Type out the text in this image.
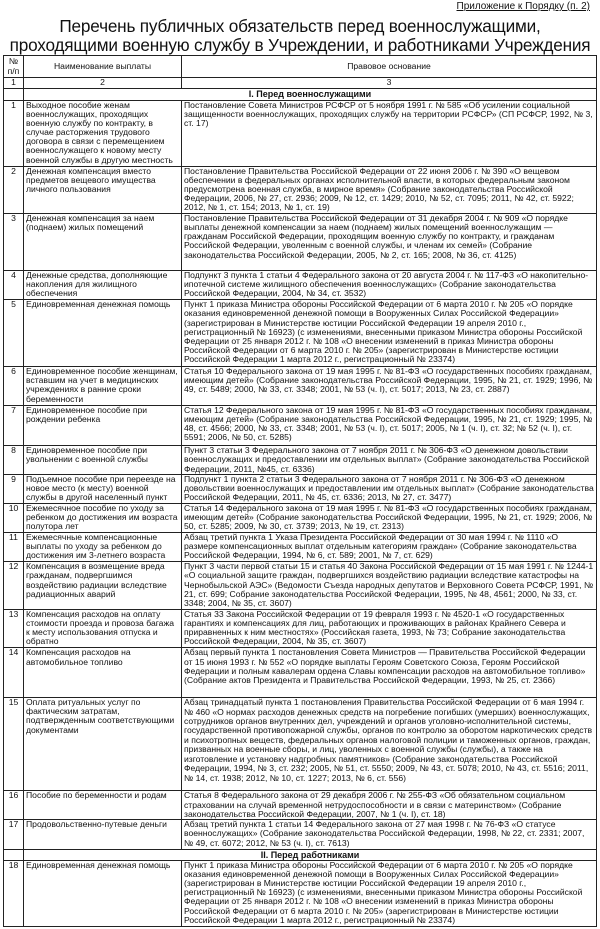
Приложение к Порядку (п. 2)
Перечень публичных обязательств перед военнослужащими,
проходящими военную службу в Учреждении, и работниками Учреждения
№ п/п	Наименование выплаты	Правовое основание
1	2	3
	I. Перед военнослужащими	
1	Выходное пособие женам военнослужащих, проходящих военную службу по контракту, в случае расторжения трудового договора в связи с перемещением военнослужащего к новому месту военной службы в другую местность	Постановление Совета Министров РСФСР от 5 ноября 1991 г. № 585 «Об усилении социальной защищенности военнослужащих, проходящих службу на территории РСФСР» (СП РСФСР, 1992, № 3, ст. 17)
2	Денежная компенсация вместо предметов вещевого имущества личного пользования	Постановление Правительства Российской Федерации от 22 июня 2006 г. № 390 «О вещевом обеспечении в федеральных органах исполнительной власти, в которых федеральным законом предусмотрена военная служба, в мирное время» (Собрание законодательства Российской Федерации, 2006, № 27, ст. 2936; 2009, № 12, ст. 1429; 2010, № 52, ст. 7095; 2011, № 42, ст. 5922; 2012, № 1, ст. 154; 2013, № 1, ст. 19)
3	Денежная компенсация за наем (поднаем) жилых помещений	Постановление Правительства Российской Федерации от 31 декабря 2004 г. № 909 «О порядке выплаты денежной компенсации за наем (поднаем) жилых помещений военнослужащим — гражданам Российской Федерации, проходящим военную службу по контракту, и гражданам Российской Федерации, уволенным с военной службы, и членам их семей» (Собрание законодательства Российской Федерации, 2005, № 2, ст. 165; 2008, № 36, ст. 4125)
4	Денежные средства, дополняющие накопления для жилищного обеспечения	Подпункт 3 пункта 1 статьи 4 Федерального закона от 20 августа 2004 г. № 117-ФЗ «О накопительно-ипотечной системе жилищного обеспечения военнослужащих» (Собрание законодательства Российской Федерации, 2004, № 34, ст. 3532)
5	Единовременная денежная помощь	Пункт 1 приказа Министра обороны Российской Федерации от 6 марта 2010 г. № 205 «О порядке оказания единовременной денежной помощи в Вооруженных Силах Российской Федерации» (зарегистрирован в Министерстве юстиции Российской Федерации 19 апреля 2010 г., регистрационный № 16923) (с изменениями, внесенными приказом Министра обороны Российской Федерации от 25 января 2012 г. № 108 «О внесении изменений в приказ Министра обороны Российской Федерации от 6 марта 2010 г. № 205» (зарегистрирован в Министерстве юстиции Российской Федерации 1 марта 2012 г., регистрационный № 23374)
6	Единовременное пособие женщинам, вставшим на учет в медицинских учреждениях в ранние сроки беременности	Статья 10 Федерального закона от 19 мая 1995 г. № 81-ФЗ «О государственных пособиях гражданам, имеющим детей» (Собрание законодательства Российской Федерации, 1995, № 21, ст. 1929; 1996, № 49, ст. 5489; 2000, № 33, ст. 3348; 2001, № 53 (ч. I), ст. 5017; 2013, № 23, ст. 2887)
7	Единовременное пособие при рождении ребенка	Статья 12 Федерального закона от 19 мая 1995 г. № 81-ФЗ «О государственных пособиях гражданам, имеющим детей» (Собрание законодательства Российской Федерации, 1995, № 21, ст. 1929; 1995, № 48, ст. 4566; 2000, № 33, ст. 3348; 2001, № 53 (ч. I), ст. 5017; 2005, № 1 (ч. I), ст. 32; № 52 (ч. I), ст. 5591; 2006, № 50, ст. 5285)
8	Единовременное пособие при увольнении с военной службы	Пункт 3 статьи 3 Федерального закона от 7 ноября 2011 г. № 306-ФЗ «О денежном довольствии военнослужащих и предоставлении им отдельных выплат» (Собрание законодательства Российской Федерации, 2011, №45, ст. 6336)
9	Подъемное пособие при переезде на новое место (к месту) военной службы в другой населенный пункт	Подпункт 1 пункта 2 статьи 3 Федерального закона от 7 ноября 2011 г. № 306-ФЗ «О денежном довольствии военнослужащих и предоставлении им отдельных выплат» (Собрание законодательства Российской Федерации, 2011, № 45, ст. 6336; 2013, № 27, ст. 3477)
10	Ежемесячное пособие по уходу за ребенком до достижения им возраста полутора лет	Статья 14 Федерального закона от 19 мая 1995 г. № 81-ФЗ «О государственных пособиях гражданам, имеющим детей» (Собрание законодательства Российской Федерации, 1995, № 21, ст. 1929; 2006, № 50, ст. 5285; 2009, № 30, ст. 3739; 2013, № 19, ст. 2313)
11	Ежемесячные компенсационные выплаты по уходу за ребенком до достижения им 3-летнего возраста	Абзац третий пункта 1 Указа Президента Российской Федерации от 30 мая 1994 г. № 1110 «О размере компенсационных выплат отдельным категориям граждан» (Собрание законодательства Российской Федерации, 1994, № 6, ст. 589; 2001, № 7, ст. 629)
12	Компенсация в возмещение вреда гражданам, подвергшимся воздействию радиации вследствие радиационных аварий	Пункт 3 части первой статьи 15 и статья 40 Закона Российской Федерации от 15 мая 1991 г. № 1244-1 «О социальной защите граждан, подвергшихся воздействию радиации вследствие катастрофы на Чернобыльской АЭС» (Ведомости Съезда народных депутатов и Верховного Совета РСФСР, 1991, № 21, ст. 699; Собрание законодательства Российской Федерации, 1995, № 48, 4561; 2000, № 33, ст. 3348; 2004, № 35, ст. 3607)
13	Компенсация расходов на оплату стоимости проезда и провоза багажа к месту использования отпуска и обратно	Статья 33 Закона Российской Федерации от 19 февраля 1993 г. № 4520-1 «О государственных гарантиях и компенсациях для лиц, работающих и проживающих в районах Крайнего Севера и приравненных к ним местностях» (Российская газета, 1993, № 73; Собрание законодательства Российской Федерации, 2004, № 35, ст. 3607)
14	Компенсация расходов на автомобильное топливо	Абзац первый пункта 1 постановления Совета Министров — Правительства Российской Федерации от 15 июня 1993 г. № 552 «О порядке выплаты Героям Советского Союза, Героям Российской Федерации и полным кавалерам ордена Славы компенсации расходов на автомобильное топливо» (Собрание актов Президента и Правительства Российской Федерации, 1993, № 25, ст. 2366)
15	Оплата ритуальных услуг по фактическим затратам, подтвержденным соответствующими документами	Абзац тринадцатый пункта 1 постановления Правительства Российской Федерации от 6 мая 1994 г. № 460 «О нормах расходов денежных средств на погребение погибших (умерших) военнослужащих, сотрудников органов внутренних дел, учреждений и органов уголовно-исполнительной системы, государственной противопожарной службы, органов по контролю за оборотом наркотических средств и психотропных веществ, федеральных органов налоговой полиции и таможенных органов, граждан, призванных на военные сборы, и лиц, уволенных с военной службы (службы), а также на изготовление и установку надгробных памятников» (Собрание законодательства Российской Федерации, 1994, № 3, ст. 232; 2005, № 51, ст. 5550; 2009, № 43, ст. 5078; 2010, № 43, ст. 5516; 2011, № 14, ст. 1938; 2012, № 10, ст. 1227; 2013, № 6, ст. 556)
16	Пособие по беременности и родам	Статья 8 Федерального закона от 29 декабря 2006 г. № 255-ФЗ «Об обязательном социальном страховании на случай временной нетрудоспособности и в связи с материнством» (Собрание законодательства Российской Федерации, 2007, № 1 (ч. I), ст. 18)
17	Продовольственно-путевые деньги	Абзац третий пункта 1 статьи 14 Федерального закона от 27 мая 1998 г. № 76-ФЗ «О статусе военнослужащих» (Собрание законодательства Российской Федерации, 1998, № 22, ст. 2331; 2007, № 49, ст. 6072; 2012, № 53 (ч. I), ст. 7613)
	II. Перед работниками	
18	Единовременная денежная помощь	Пункт 1 приказа Министра обороны Российской Федерации от 6 марта 2010 г. № 205 «О порядке оказания единовременной денежной помощи в Вооруженных Силах Российской Федерации» (зарегистрирован в Министерстве юстиции Российской Федерации 19 апреля 2010 г., регистрационный № 16923) (с изменениями, внесенными приказом Министра обороны Российской Федерации от 25 января 2012 г. № 108 «О внесении изменений в приказ Министра обороны Российской Федерации от 6 марта 2010 г. № 205» (зарегистрирован в Министерстве юстиции Российской Федерации 1 марта 2012 г., регистрационный № 23374)
